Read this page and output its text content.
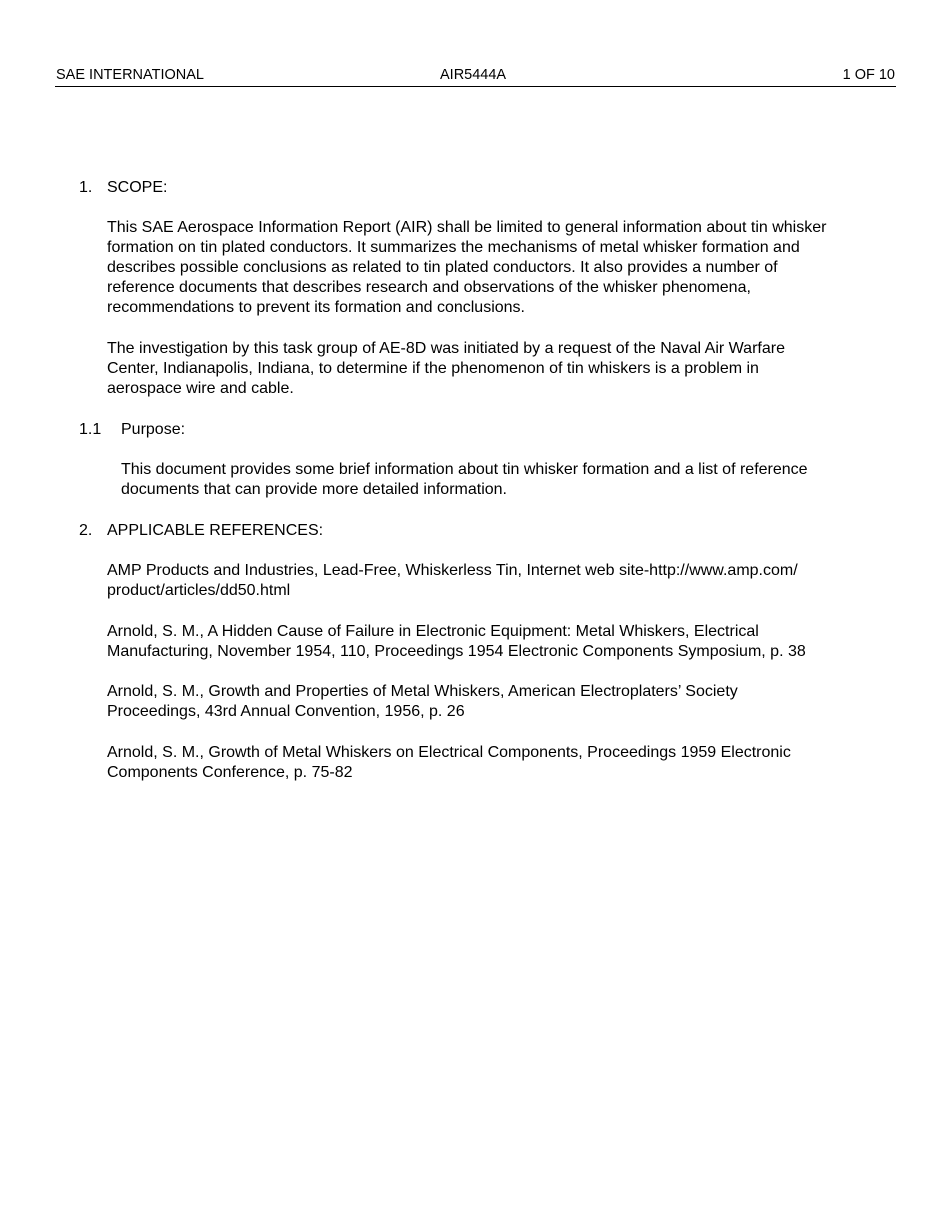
SAE INTERNATIONAL	AIR5444A	1 OF 10
1. SCOPE:
This SAE Aerospace Information Report (AIR) shall be limited to general information about tin whisker
formation on tin plated conductors. It summarizes the mechanisms of metal whisker formation and
describes possible conclusions as related to tin plated conductors. It also provides a number of
reference documents that describes research and observations of the whisker phenomena,
recommendations to prevent its formation and conclusions.
The investigation by this task group of AE-8D was initiated by a request of the Naval Air Warfare
Center, Indianapolis, Indiana, to determine if the phenomenon of tin whiskers is a problem in
aerospace wire and cable.
1.1 Purpose:
This document provides some brief information about tin whisker formation and a list of reference
documents that can provide more detailed information.
2. APPLICABLE REFERENCES:
AMP Products and Industries, Lead-Free, Whiskerless Tin, Internet web site-http://www.amp.com/
product/articles/dd50.html
Arnold, S. M., A Hidden Cause of Failure in Electronic Equipment: Metal Whiskers, Electrical
Manufacturing, November 1954, 110, Proceedings 1954 Electronic Components Symposium, p. 38
Arnold, S. M., Growth and Properties of Metal Whiskers, American Electroplaters’ Society
Proceedings, 43rd Annual Convention, 1956, p. 26
Arnold, S. M., Growth of Metal Whiskers on Electrical Components, Proceedings 1959 Electronic
Components Conference, p. 75-82
